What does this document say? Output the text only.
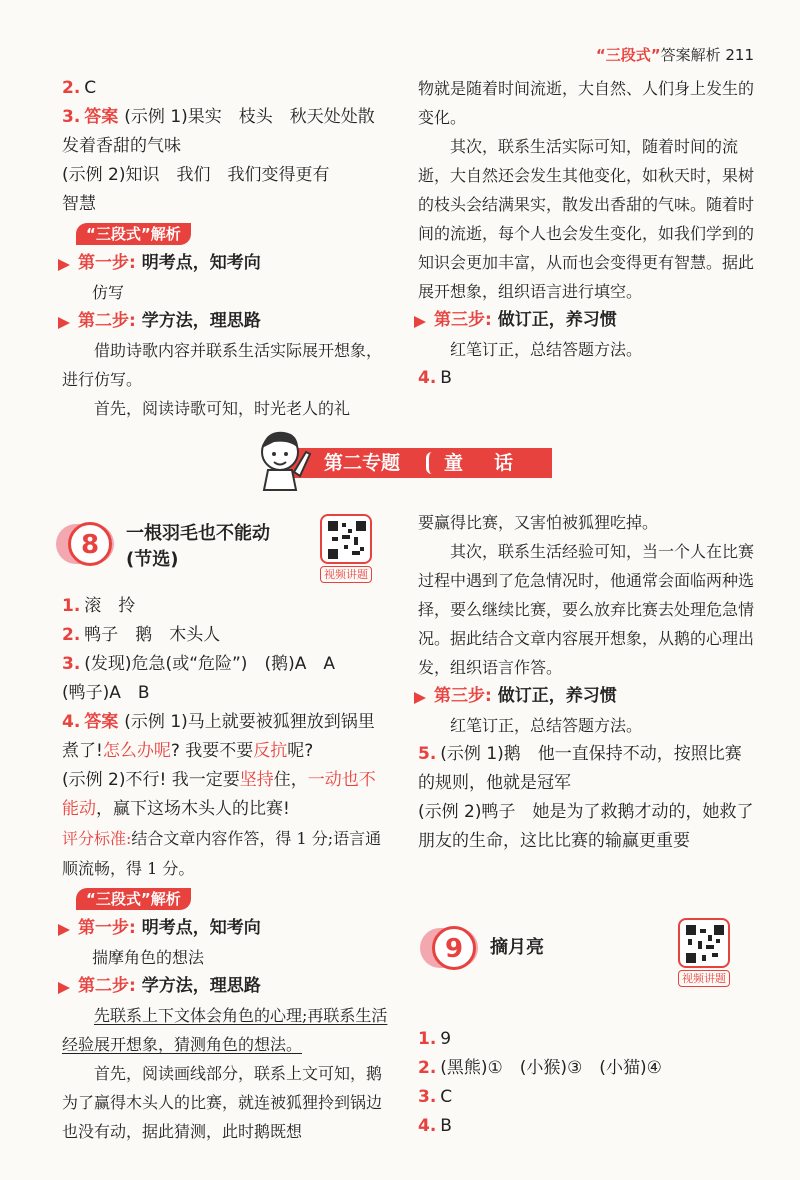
“三段式”答案解析 211

2. C

3. 答案 (示例 1)果实　枝头　秋天处处散
发着香甜的气味
(示例 2)知识　我们　我们变得更有
智慧

“三段式”解析
第一步: 明考点，知考向
仿写
第二步: 学方法，理思路

借助诗歌内容并联系生活实际展开想象，进行仿写。

首先，阅读诗歌可知，时光老人的礼

物就是随着时间流逝，大自然、人们身上发生的变化。

其次，联系生活实际可知，随着时间的流逝，大自然还会发生其他变化，如秋天时，果树的枝头会结满果实，散发出香甜的气味。随着时间的流逝，每个人也会发生变化，如我们学到的知识会更加丰富，从而也会变得更有智慧。据此展开想象，组织语言进行填空。

第三步: 做订正，养习惯

红笔订正，总结答题方法。

4. B

第二专题 童　话
8	一根羽毛也不能动
(节选)
视频讲题

1. 滚　拎

2. 鸭子　鹅　木头人

3. (发现)危急(或“危险”)　(鹅)A　A
(鸭子)A　B

4. 答案 (示例 1)马上就要被狐狸放到锅里
煮了!怎么办呢? 我要不要反抗呢?
(示例 2)不行! 我一定要坚持住，一动也不能动，赢下这场木头人的比赛!
评分标准:结合文章内容作答，得 1 分;语言通顺流畅，得 1 分。

“三段式”解析
第一步: 明考点，知考向
揣摩角色的想法
第二步: 学方法，理思路

先联系上下文体会角色的心理;再联系生活经验展开想象，猜测角色的想法。

首先，阅读画线部分，联系上文可知，鹅为了赢得木头人的比赛，就连被狐狸拎到锅边也没有动，据此猜测，此时鹅既想

要赢得比赛，又害怕被狐狸吃掉。

其次，联系生活经验可知，当一个人在比赛过程中遇到了危急情况时，他通常会面临两种选择，要么继续比赛，要么放弃比赛去处理危急情况。据此结合文章内容展开想象，从鹅的心理出发，组织语言作答。

第三步: 做订正，养习惯

红笔订正，总结答题方法。

5. (示例 1)鹅　他一直保持不动，按照比赛的规则，他就是冠军
(示例 2)鸭子　她是为了救鹅才动的，她救了朋友的生命，这比比赛的输赢更重要

9	摘月亮
视频讲题

1. 9

2. (黑熊)①　(小猴)③　(小猫)④

3. C

4. B
